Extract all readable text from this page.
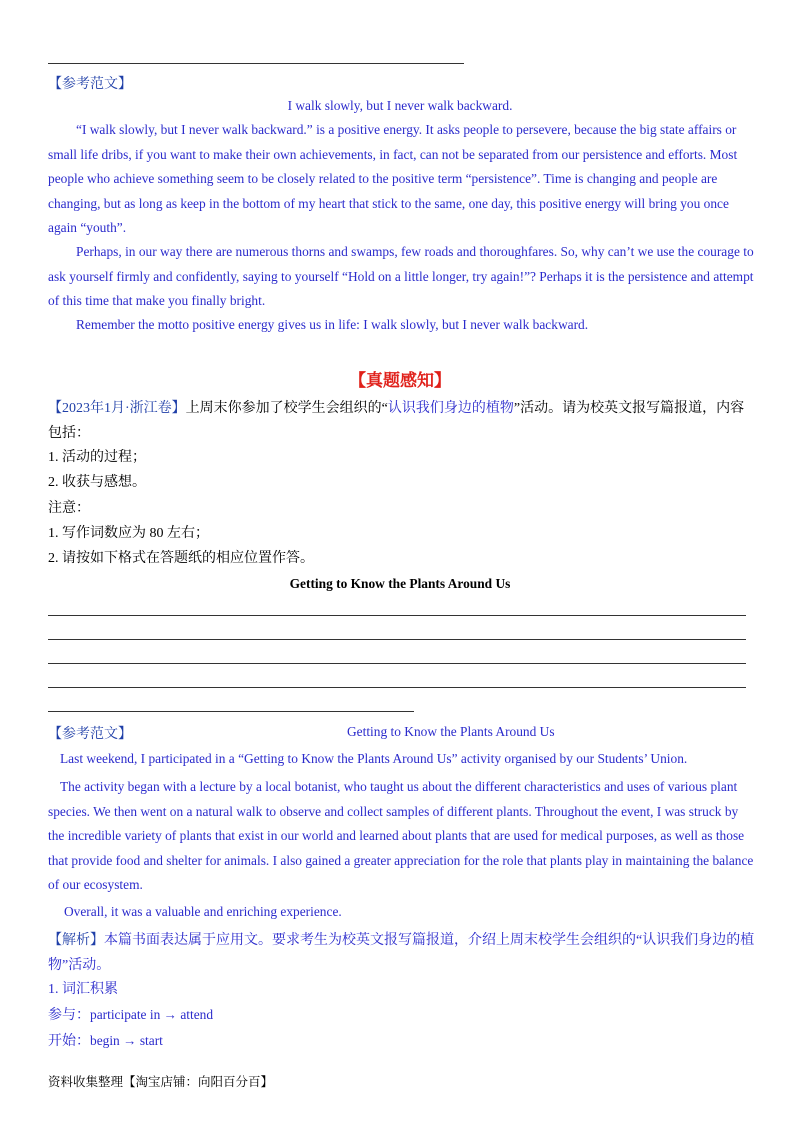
【参考范文】
I walk slowly, but I never walk backward.

“I walk slowly, but I never walk backward.” is a positive energy. It asks people to persevere, because the big state affairs or small life dribs, if you want to make their own achievements, in fact, can not be separated from our persistence and efforts. Most people who achieve something seem to be closely related to the positive term “persistence”. Time is changing and people are changing, but as long as keep in the bottom of my heart that stick to the same, one day, this positive energy will bring you once again “youth”.

Perhaps, in our way there are numerous thorns and swamps, few roads and thoroughfares. So, why can’t we use the courage to ask yourself firmly and confidently, saying to yourself “Hold on a little longer, try again!”? Perhaps it is the persistence and attempt of this time that make you finally bright.

Remember the motto positive energy gives us in life: I walk slowly, but I never walk backward.

【真题感知】

【2023年1月·浙江卷】上周末你参加了校学生会组织的“认识我们身边的植物”活动。请为校英文报写篇报道，内容包括：

1. 活动的过程；
2. 收获与感想。
注意：
1. 写作词数应为 80 左右；
2. 请按如下格式在答题纸的相应位置作答。
Getting to Know the Plants Around Us
【参考范文】	Getting to Know the Plants Around Us

Last weekend, I participated in a “Getting to Know the Plants Around Us” activity organised by our Students’ Union.

The activity began with a lecture by a local botanist, who taught us about the different characteristics and uses of various plant species. We then went on a natural walk to observe and collect samples of different plants. Throughout the event, I was struck by the incredible variety of plants that exist in our world and learned about plants that are used for medical purposes, as well as those that provide food and shelter for animals. I also gained a greater appreciation for the role that plants play in maintaining the balance of our ecosystem.

Overall, it was a valuable and enriching experience.

【解析】本篇书面表达属于应用文。要求考生为校英文报写篇报道，介绍上周末校学生会组织的“认识我们身边的植物”活动。

1. 词汇积累
参与：participate in → attend
开始：begin → start
资料收集整理【淘宝店铺：向阳百分百】
